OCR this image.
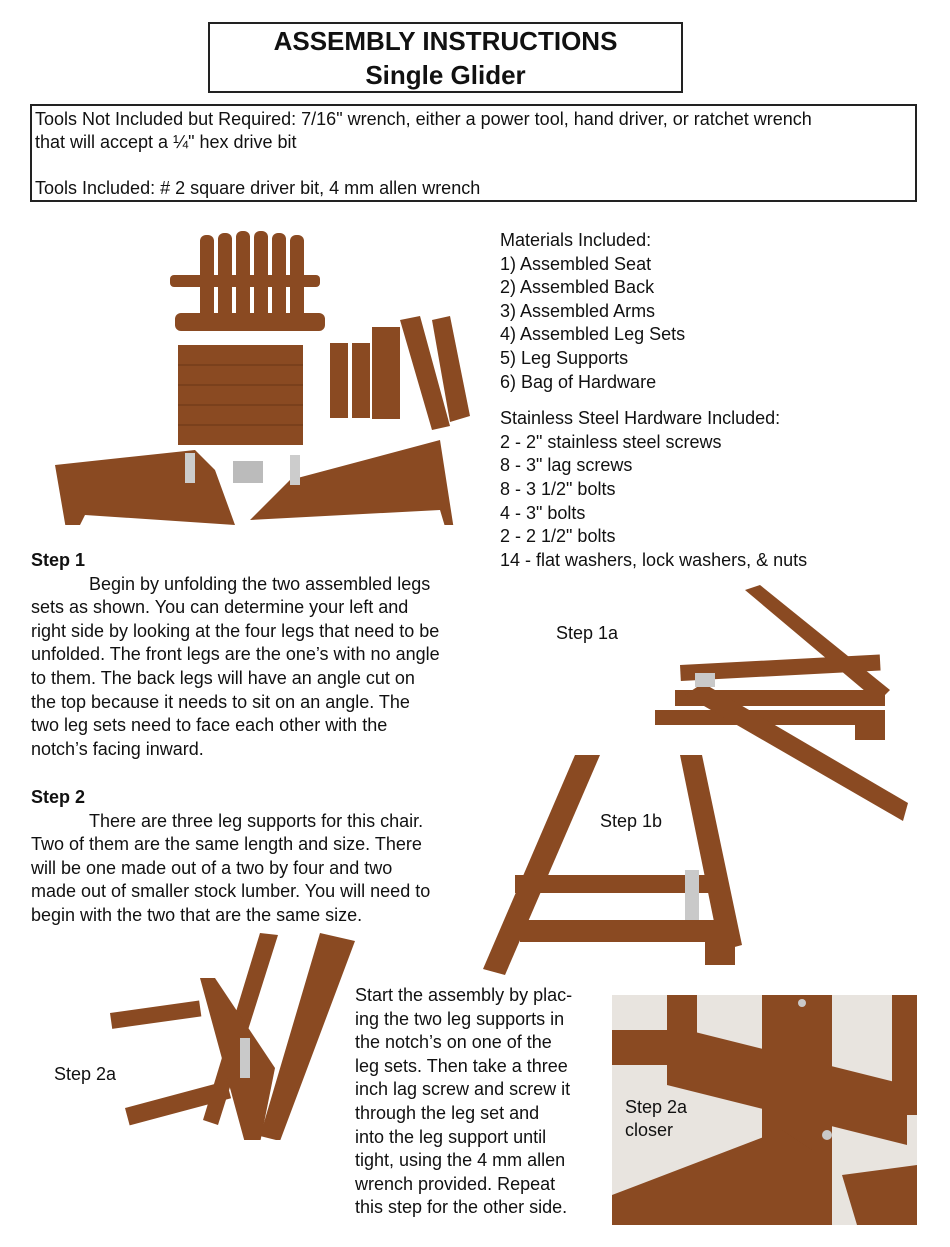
ASSEMBLY INSTRUCTIONS
Single Glider
Tools Not Included but Required: 7/16" wrench, either a power tool, hand driver, or ratchet wrench
that will accept a ¼" hex drive bit
Tools Included: # 2 square driver bit, 4 mm allen wrench
Materials Included:
1) Assembled Seat
2) Assembled Back
3) Assembled Arms
4) Assembled Leg Sets
5) Leg Supports
6) Bag of Hardware
Stainless Steel Hardware Included:
2 - 2" stainless steel screws
8 - 3" lag screws
8 - 3 1/2" bolts
4 - 3" bolts
2 - 2 1/2" bolts
14 - flat washers, lock washers, & nuts
Step 1
Begin by unfolding the two assembled legs
sets as shown. You can determine your left and
right side by looking at the four legs that need to be
unfolded. The front legs are the one’s with no angle
to them. The back legs will have an angle cut on
the top because it needs to sit on an angle. The
two leg sets need to face each other with the
notch’s facing inward.
Step 2
There are three leg supports for this chair.
Two of them are the same length and size. There
will be one made out of a two by four and two
made out of smaller stock lumber. You will need to
begin with the two that are the same size.
Step 1a
Step 1b
Step 2a
Start the assembly by plac-
ing the two leg supports in
the notch’s on one of the
leg sets. Then take a three
inch lag screw and screw it
through the leg set and
into the leg support until
tight, using the 4 mm allen
wrench provided. Repeat
this step for the other side.
Step 2a
closer
